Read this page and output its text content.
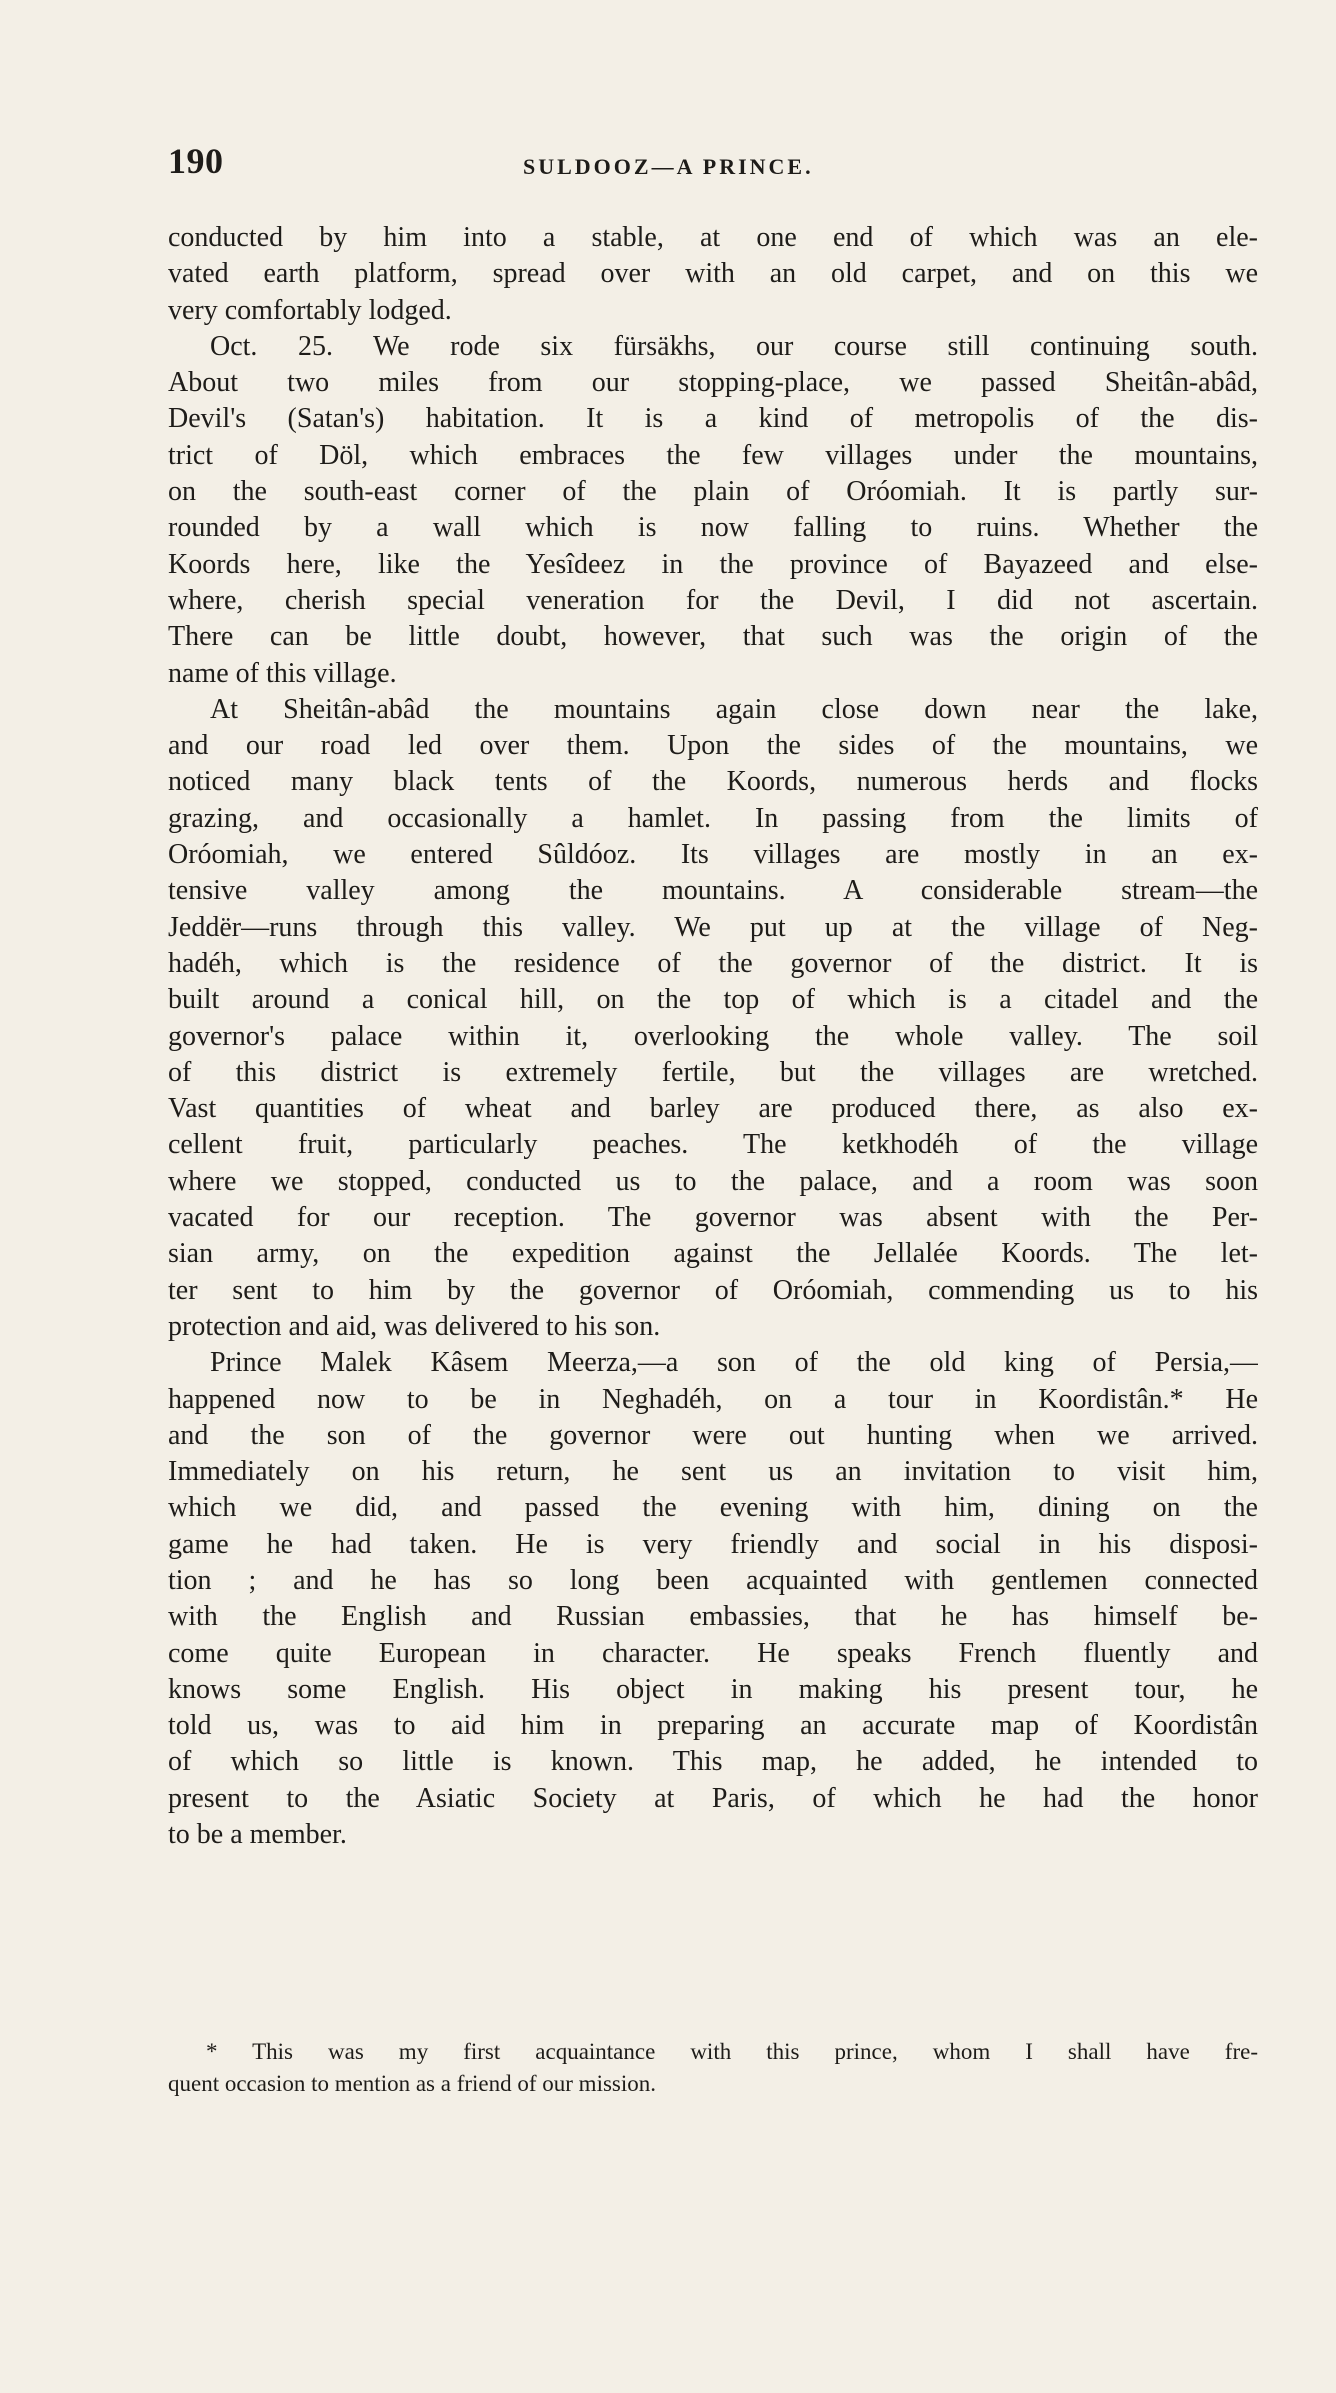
190	SULDOOZ—A PRINCE.
conducted by him into a stable, at one end of which was an ele-
vated earth platform, spread over with an old carpet, and on this we
very comfortably lodged.
Oct. 25. We rode six fürsäkhs, our course still continuing south.
About two miles from our stopping-place, we passed Sheitân-abâd,
Devil's (Satan's) habitation. It is a kind of metropolis of the dis-
trict of Döl, which embraces the few villages under the mountains,
on the south-east corner of the plain of Oróomiah. It is partly sur-
rounded by a wall which is now falling to ruins. Whether the
Koords here, like the Yesîdeez in the province of Bayazeed and else-
where, cherish special veneration for the Devil, I did not ascertain.
There can be little doubt, however, that such was the origin of the
name of this village.
At Sheitân-abâd the mountains again close down near the lake,
and our road led over them. Upon the sides of the mountains, we
noticed many black tents of the Koords, numerous herds and flocks
grazing, and occasionally a hamlet. In passing from the limits of
Oróomiah, we entered Sûldóoz. Its villages are mostly in an ex-
tensive valley among the mountains. A considerable stream—the
Jeddër—runs through this valley. We put up at the village of Neg-
hadéh, which is the residence of the governor of the district. It is
built around a conical hill, on the top of which is a citadel and the
governor's palace within it, overlooking the whole valley. The soil
of this district is extremely fertile, but the villages are wretched.
Vast quantities of wheat and barley are produced there, as also ex-
cellent fruit, particularly peaches. The ketkhodéh of the village
where we stopped, conducted us to the palace, and a room was soon
vacated for our reception. The governor was absent with the Per-
sian army, on the expedition against the Jellalée Koords. The let-
ter sent to him by the governor of Oróomiah, commending us to his
protection and aid, was delivered to his son.
Prince Malek Kâsem Meerza,—a son of the old king of Persia,—
happened now to be in Neghadéh, on a tour in Koordistân.* He
and the son of the governor were out hunting when we arrived.
Immediately on his return, he sent us an invitation to visit him,
which we did, and passed the evening with him, dining on the
game he had taken. He is very friendly and social in his disposi-
tion ; and he has so long been acquainted with gentlemen connected
with the English and Russian embassies, that he has himself be-
come quite European in character. He speaks French fluently and
knows some English. His object in making his present tour, he
told us, was to aid him in preparing an accurate map of Koordistân
of which so little is known. This map, he added, he intended to
present to the Asiatic Society at Paris, of which he had the honor
to be a member.
* This was my first acquaintance with this prince, whom I shall have fre-
quent occasion to mention as a friend of our mission.
